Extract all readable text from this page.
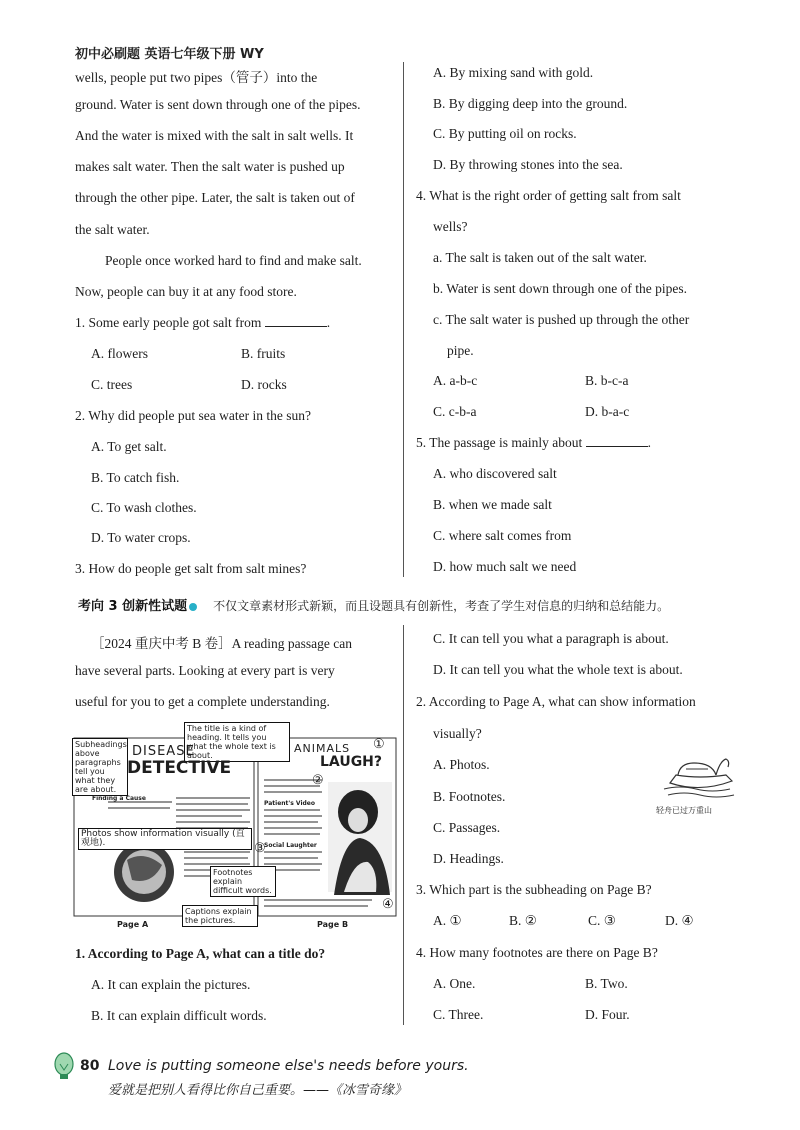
初中必刷题 英语七年级下册 WY
wells, people put two pipes（管子）into the
ground. Water is sent down through one of the pipes.
And the water is mixed with the salt in salt wells. It
makes salt water. Then the salt water is pushed up
through the other pipe. Later, the salt is taken out of
the salt water.
People once worked hard to find and make salt.
Now, people can buy it at any food store.
1. Some early people got salt from	.
A. flowers	B. fruits
C. trees	D. rocks
2. Why did people put sea water in the sun?
A. To get salt.
B. To catch fish.
C. To wash clothes.
D. To water crops.
3. How do people get salt from salt mines?
A. By mixing sand with gold.
B. By digging deep into the ground.
C. By putting oil on rocks.
D. By throwing stones into the sea.
4. What is the right order of getting salt from salt
wells?
a. The salt is taken out of the salt water.
b. Water is sent down through one of the pipes.
c. The salt water is pushed up through the other
pipe.
A. a-b-c	B. b-c-a
C. c-b-a	D. b-a-c
5. The passage is mainly about	.
A. who discovered salt
B. when we made salt
C. where salt comes from
D. how much salt we need
考向 3 创新性试题 不仅文章素材形式新颖，而且设题具有创新性，考查了学生对信息的归纳和总结能力。
［2024 重庆中考 B 卷］A reading passage can
have several parts. Looking at every part is very
useful for you to get a complete understanding.
The title is a kind of heading. It tells you what the whole text is about.
Subheadings above paragraphs tell you what they are about.
DISEASE
DETECTIVE
Finding a Cause
Photos show information visually (直观地).
Footnotes explain difficult words.
Captions explain the pictures.
ANIMALS
LAUGH?
Patient's Video
Social Laughter
①
②
③
④
Page A	Page B
1. According to Page A, what can a title do?
A. It can explain the pictures.
B. It can explain difficult words.
C. It can tell you what a paragraph is about.
D. It can tell you what the whole text is about.
2. According to Page A, what can show information
visually?
A. Photos.
B. Footnotes.
C. Passages.
D. Headings.
3. Which part is the subheading on Page B?
A. ①	B. ②	C. ③	D. ④
4. How many footnotes are there on Page B?
A. One.	B. Two.
C. Three.	D. Four.
轻舟已过万重山
80 Love is putting someone else's needs before yours.
爱就是把别人看得比你自己重要。——《冰雪奇缘》
